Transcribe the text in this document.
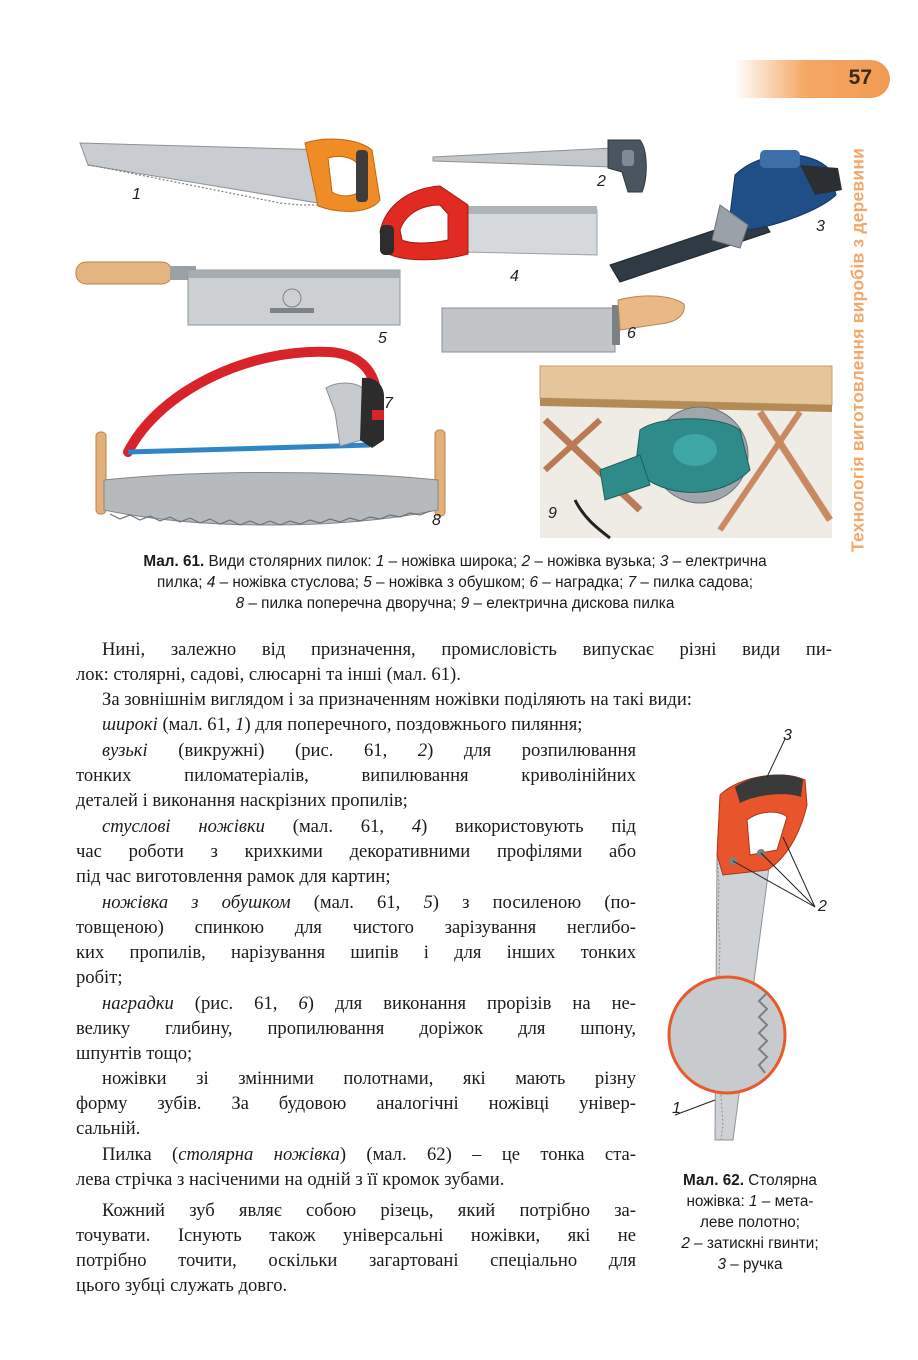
57
Технологія виготовлення виробів з деревини
1
2
3
4
5	6
7
8	9
Мал. 61. Види столярних пилок: 1 – ножівка широка; 2 – ножівка вузька; 3 – електрична
пилка; 4 – ножівка стуслова; 5 – ножівка з обушком; 6 – наградка; 7 – пилка садова;
8 – пилка поперечна дворучна; 9 – електрична дискова пилка
3
2
1
Мал. 62. Столярна
ножівка: 1 – мета-
леве полотно;
2 – затискні гвинти;
3 – ручка
Нині, залежно від призначення, промисловість випускає різні види пи-
лок: столярні, садові, слюсарні та інші (мал. 61).
За зовнішнім виглядом і за призначенням ножівки поділяють на такі види:
широкі (мал. 61, 1) для поперечного, поздовжнього пиляння;
вузькі (викружні) (рис. 61, 2) для розпилювання
тонких пиломатеріалів, випилювання криволінійних
деталей і виконання наскрізних пропилів;
стуслові ножівки (мал. 61, 4) використовують під
час роботи з крихкими декоративними профілями або
під час виготовлення рамок для картин;
ножівка з обушком (мал. 61, 5) з посиленою (по-
товщеною) спинкою для чистого зарізування неглибо-
ких пропилів, нарізування шипів і для інших тонких
робіт;
наградки (рис. 61, 6) для виконання прорізів на не-
велику глибину, пропилювання доріжок для шпону,
шпунтів тощо;
ножівки зі змінними полотнами, які мають різну
форму зубів. За будовою аналогічні ножівці універ-
сальній.
Пилка (столярна ножівка) (мал. 62) – це тонка ста-
лева стрічка з насіченими на одній з її кромок зубами.
Кожний зуб являє собою різець, який потрібно за-
точувати. Існують також універсальні ножівки, які не
потрібно точити, оскільки загартовані спеціально для
цього зубці служать довго.
